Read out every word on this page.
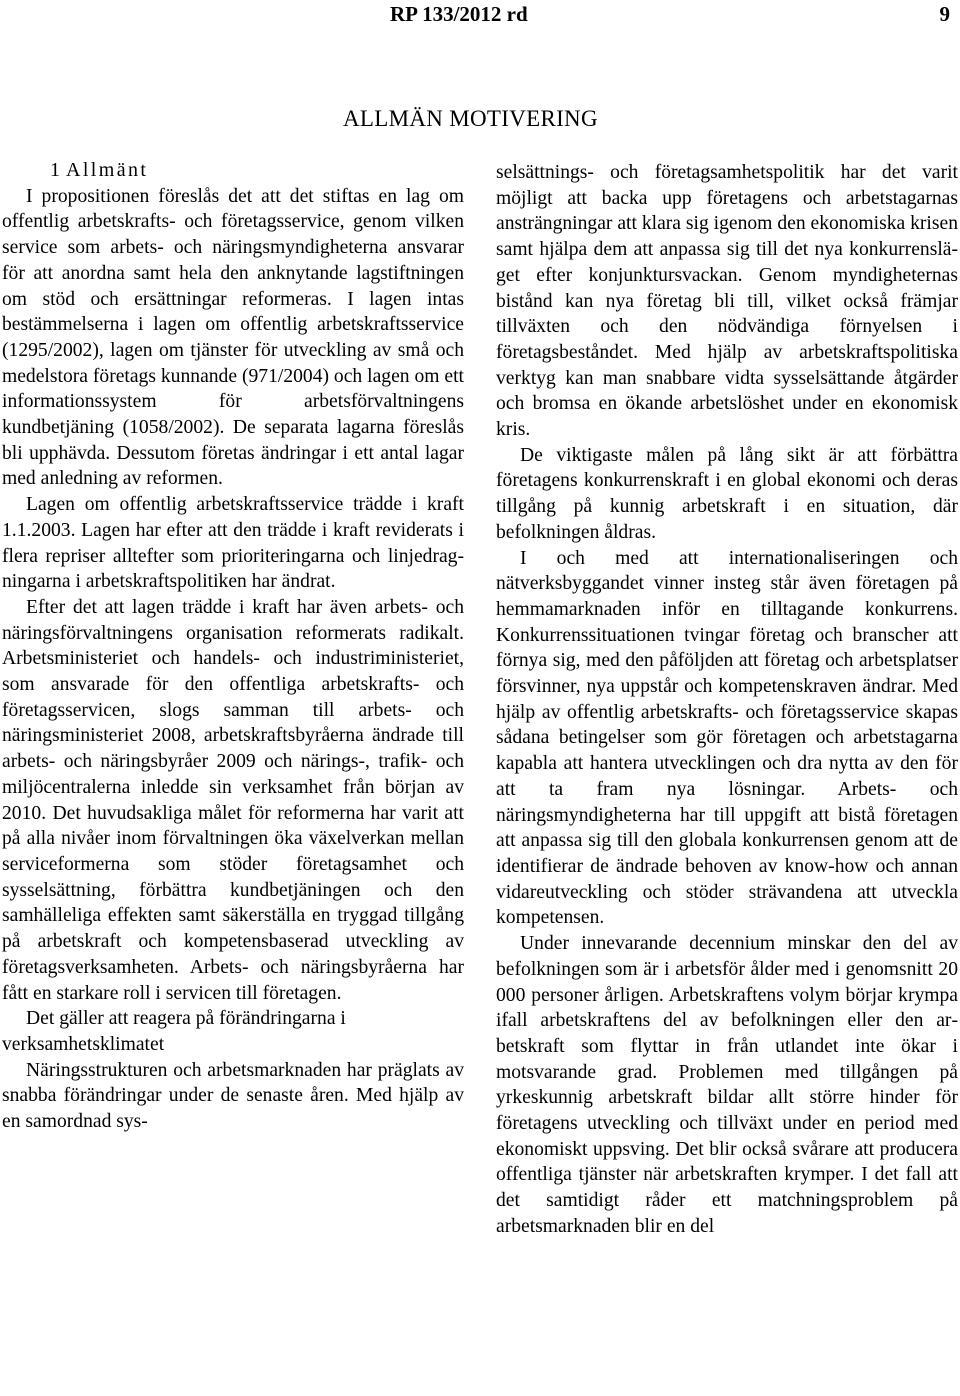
RP 133/2012 rd	9
ALLMÄN MOTIVERING

1 Allmänt

I propositionen föreslås det att det stiftas en lag om offentlig arbetskrafts- och företagsservice, genom vilken service som arbets- och näringsmyndigheterna ansvarar för att anordna samt hela den anknytande lagstiftningen om stöd och ersättningar reformeras. I lagen intas bestämmelserna i lagen om offentlig arbetskraftsservice (1295/2002), lagen om tjänster för utveckling av små och medelstora företags kunnande (971/2004) och lagen om ett informationssystem för arbetsförvaltningens kundbetjäning (1058/2002). De separata lagarna föreslås bli upphävda. Dessutom företas ändringar i ett antal lagar med anledning av reformen.

Lagen om offentlig arbetskraftsservice trädde i kraft 1.1.2003. Lagen har efter att den trädde i kraft reviderats i flera repriser alltefter som prioriteringarna och linjedragningarna i arbetskraftspolitiken har ändrat.

Efter det att lagen trädde i kraft har även arbets- och näringsförvaltningens organisation reformerats radikalt. Arbetsministeriet och handels- och industriministeriet, som ansvarade för den offentliga arbetskrafts- och företagsservicen, slogs samman till arbets- och näringsministeriet 2008, arbetskraftsbyråerna ändrade till arbets- och näringsbyråer 2009 och närings-, trafik- och miljöcentralerna inledde sin verksamhet från början av 2010. Det huvudsakliga målet för reformerna har varit att på alla nivåer inom förvaltningen öka växelverkan mellan serviceformerna som stöder företagsamhet och sysselsättning, förbättra kundbetjäningen och den samhälleliga effekten samt säkerställa en tryggad tillgång på arbetskraft och kompetensbaserad utveckling av företagsverksamheten. Arbets- och näringsbyråerna har fått en starkare roll i servicen till företagen.

Det gäller att reagera på förändringarna i verksamhetsklimatet

Näringsstrukturen och arbetsmarknaden har präglats av snabba förändringar under de senaste åren. Med hjälp av en samordnad sys-

selsättnings- och företagsamhetspolitik har det varit möjligt att backa upp företagens och arbetstagarnas ansträngningar att klara sig igenom den ekonomiska krisen samt hjälpa dem att anpassa sig till det nya konkurrensläget efter konjunktursvackan. Genom myndigheternas bistånd kan nya företag bli till, vilket också främjar tillväxten och den nödvändiga förnyelsen i företagsbeståndet. Med hjälp av arbetskraftspolitiska verktyg kan man snabbare vidta sysselsättande åtgärder och bromsa en ökande arbetslöshet under en ekonomisk kris.

De viktigaste målen på lång sikt är att förbättra företagens konkurrenskraft i en global ekonomi och deras tillgång på kunnig arbetskraft i en situation, där befolkningen åldras.

I och med att internationaliseringen och nätverksbyggandet vinner insteg står även företagen på hemmamarknaden inför en tilltagande konkurrens. Konkurrenssituationen tvingar företag och branscher att förnya sig, med den påföljden att företag och arbetsplatser försvinner, nya uppstår och kompetenskraven ändrar. Med hjälp av offentlig arbetskrafts- och företagsservice skapas sådana betingelser som gör företagen och arbetstagarna kapabla att hantera utvecklingen och dra nytta av den för att ta fram nya lösningar. Arbets- och näringsmyndigheterna har till uppgift att bistå företagen att anpassa sig till den globala konkurrensen genom att de identifierar de ändrade behoven av know-how och annan vidareutveckling och stöder strävandena att utveckla kompetensen.

Under innevarande decennium minskar den del av befolkningen som är i arbetsför ålder med i genomsnitt 20 000 personer årligen. Arbetskraftens volym börjar krympa ifall arbetskraftens del av befolkningen eller den arbetskraft som flyttar in från utlandet inte ökar i motsvarande grad. Problemen med tillgången på yrkeskunnig arbetskraft bildar allt större hinder för företagens utveckling och tillväxt under en period med ekonomiskt uppsving. Det blir också svårare att producera offentliga tjänster när arbetskraften krymper. I det fall att det samtidigt råder ett matchningsproblem på arbetsmarknaden blir en del
